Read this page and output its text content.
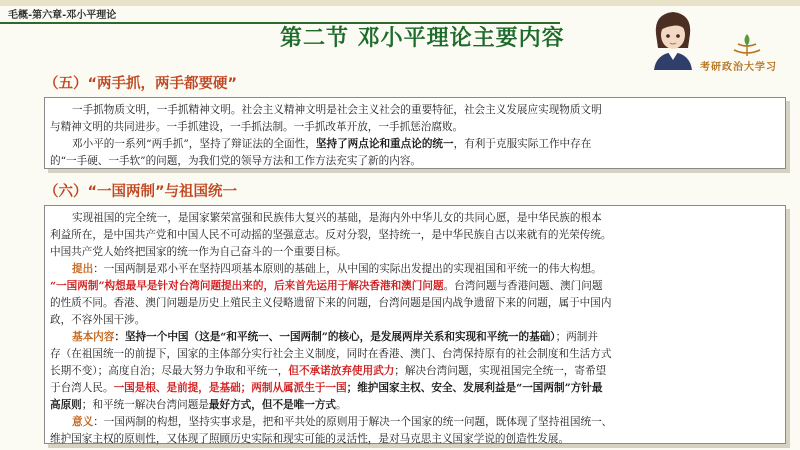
毛概-第六章-邓小平理论
第二节 邓小平理论主要内容
考研政治大学习
（五）“两手抓，两手都要硬”
一手抓物质文明，一手抓精神文明。社会主义精神文明是社会主义社会的重要特征，社会主义发展应实现物质文明
与精神文明的共同进步。一手抓建设，一手抓法制。一手抓改革开放，一手抓惩治腐败。
邓小平的一系列“两手抓”，坚持了辩证法的全面性，坚持了两点论和重点论的统一，有利于克服实际工作中存在
的“一手硬、一手软”的问题，为我们党的领导方法和工作方法充实了新的内容。
（六）“一国两制”与祖国统一
实现祖国的完全统一，是国家繁荣富强和民族伟大复兴的基础，是海内外中华儿女的共同心愿，是中华民族的根本
利益所在，是中国共产党和中国人民不可动摇的坚强意志。反对分裂，坚持统一，是中华民族自古以来就有的光荣传统。
中国共产党人始终把国家的统一作为自己奋斗的一个重要目标。
提出：一国两制是邓小平在坚持四项基本原则的基础上，从中国的实际出发提出的实现祖国和平统一的伟大构想。
“一国两制”构想最早是针对台湾问题提出来的，后来首先运用于解决香港和澳门问题。台湾问题与香港问题、澳门问题
的性质不同。香港、澳门问题是历史上殖民主义侵略遗留下来的问题，台湾问题是国内战争遗留下来的问题，属于中国内
政，不容外国干涉。
基本内容：坚持一个中国（这是“和平统一、一国两制”的核心，是发展两岸关系和实现和平统一的基础）；两制并
存（在祖国统一的前提下，国家的主体部分实行社会主义制度，同时在香港、澳门、台湾保持原有的社会制度和生活方式
长期不变）；高度自治；尽最大努力争取和平统一，但不承诺放弃使用武力；解决台湾问题，实现祖国完全统一，寄希望
于台湾人民。一国是根、是前提，是基础；两制从属派生于一国；维护国家主权、安全、发展利益是“一国两制”方针最
高原则；和平统一解决台湾问题是最好方式，但不是唯一方式。
意义：一国两制的构想，坚持实事求是，把和平共处的原则用于解决一个国家的统一问题，既体现了坚持祖国统一、
维护国家主权的原则性，又体现了照顾历史实际和现实可能的灵活性，是对马克思主义国家学说的创造性发展。
